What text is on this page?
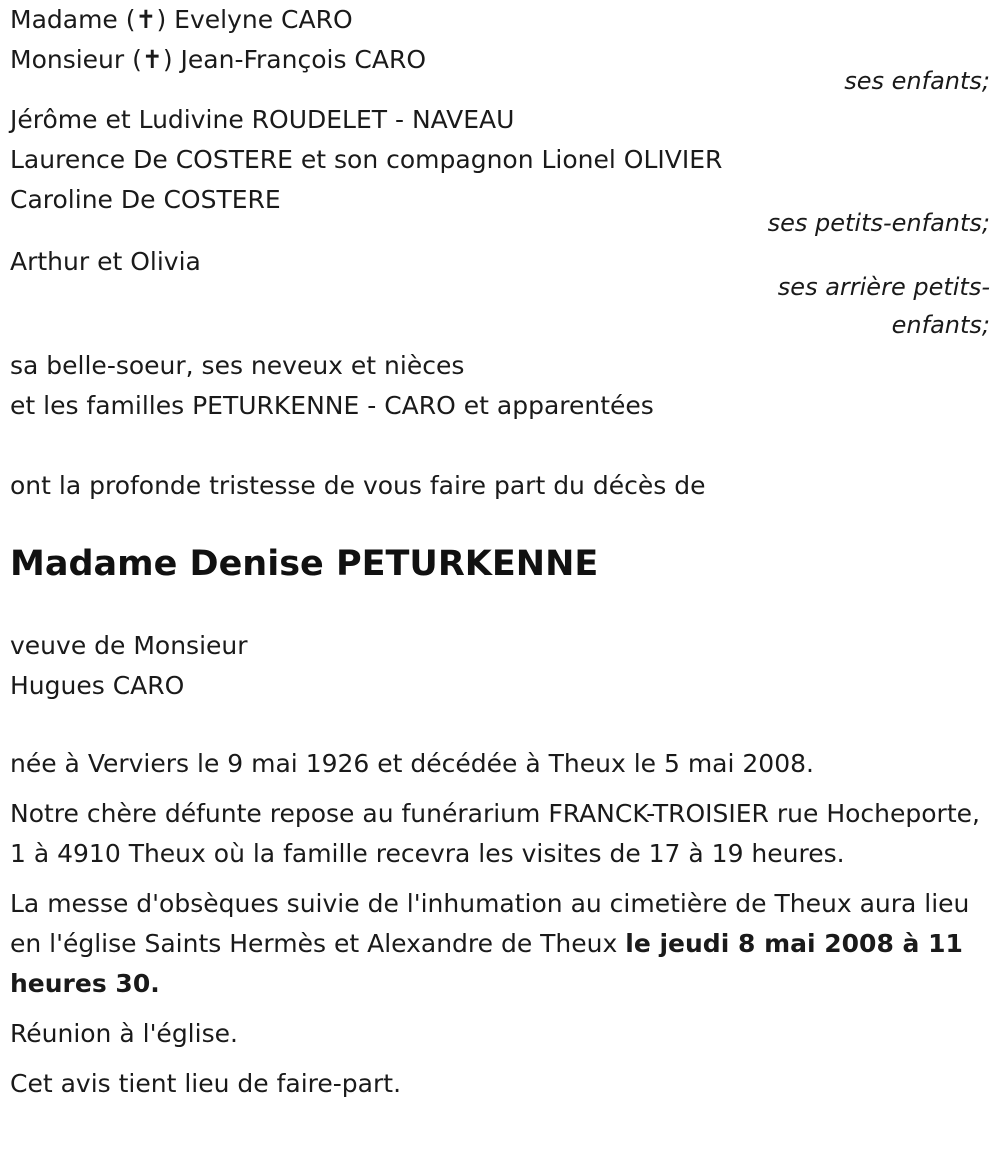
Madame (✝) Evelyne CARO
Monsieur (✝) Jean-François CARO
ses enfants;
Jérôme et Ludivine ROUDELET - NAVEAU
Laurence De COSTERE et son compagnon Lionel OLIVIER
Caroline De COSTERE
ses petits-enfants;
Arthur et Olivia
ses arrière petits-
enfants;
sa belle-soeur, ses neveux et nièces
et les familles PETURKENNE - CARO et apparentées
ont la profonde tristesse de vous faire part du décès de
Madame Denise PETURKENNE
veuve de Monsieur
Hugues CARO
née à Verviers le 9 mai 1926 et décédée à Theux le 5 mai 2008.
Notre chère défunte repose au funérarium FRANCK-TROISIER rue Hocheporte, 1 à 4910 Theux où la famille recevra les visites de 17 à 19 heures.
La messe d'obsèques suivie de l'inhumation au cimetière de Theux aura lieu en l'église Saints Hermès et Alexandre de Theux le jeudi 8 mai 2008 à 11 heures 30.
Réunion à l'église.
Cet avis tient lieu de faire-part.
